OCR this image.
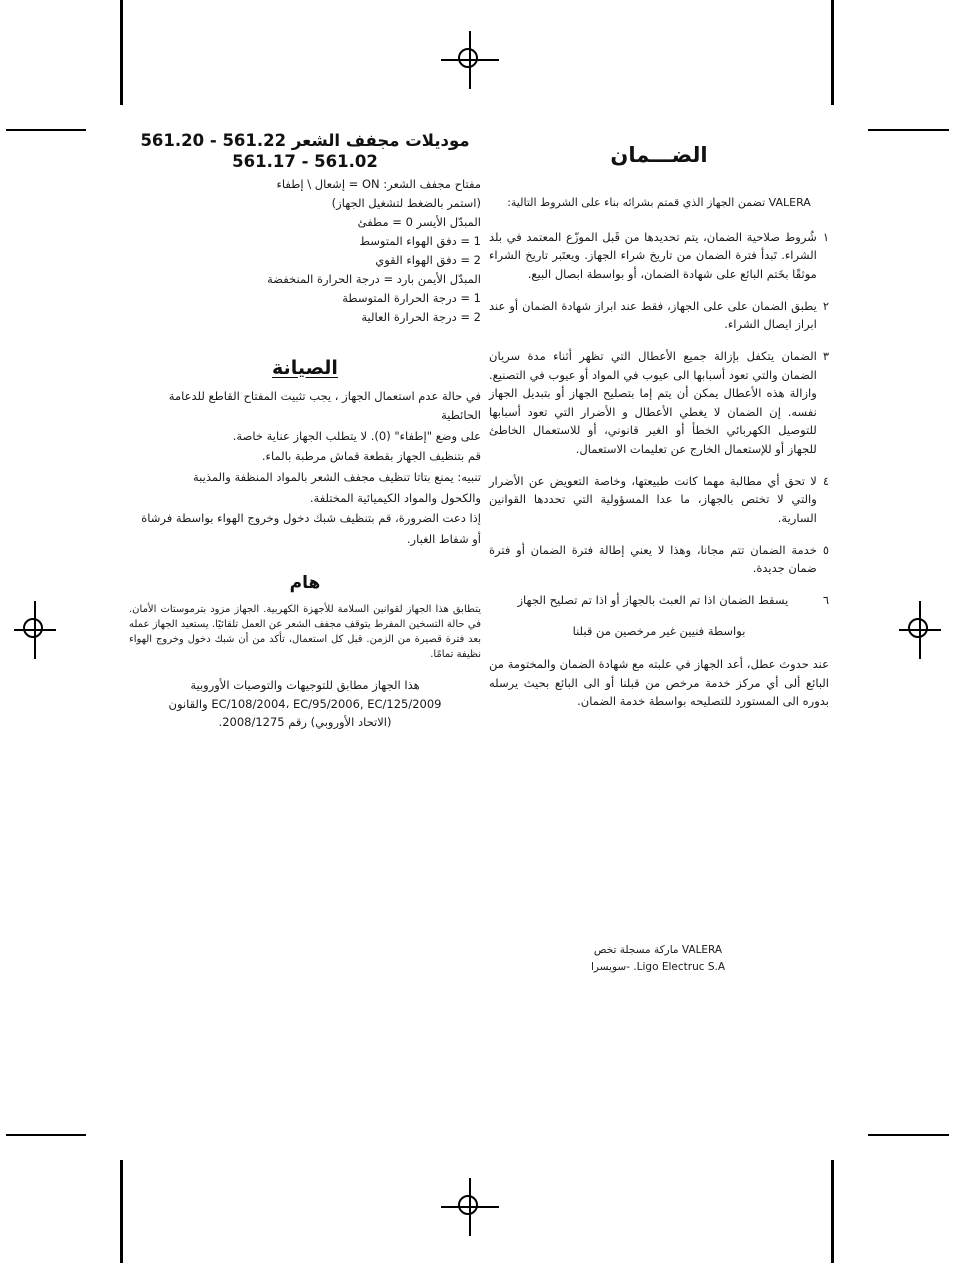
الضـــمان

VALERA تضمن الجهاز الذي قمتم بشرائه بناء على الشروط التالية:

١
شُروط صلاحية الضمان، يتم تحديدها من قَبل الموزّع المعتمد في بلد الشراء. تَبدأ فترة الضمان من تاريخ شراء الجهاز. ويعتَبر تاريخ الشراء موثقًا بخَتم البائع على شهادة الضمان، أو بواسطة ابصال البيع.
٢
يطبق الضمان على على الجهاز، فقط عند ابراز شهادة الضمان أو عند ابراز ايصال الشراء.
٣
الضمان يتكفل بإزالة جميع الأعطال التي تظهر أثناء مدة سريان الضمان والتي تعود أسبابها الى عيوب في المواد أو عيوب في التصنيع. وازالة هذه الأعطال يمكن أن يتم إما بتصليح الجهاز أو بتبديل الجهاز نفسه. إن الضمان لا يغطي الأعطال و الأضرار التي تعود أسبابها للتوصيل الكهربائي الخطأ أو الغير قانوني، أو للاستعمال الخاطئ للجهاز أو للإستعمال الخارج عن تعليمات الاستعمال.
٤
لا تحق أي مطالبة مهما كانت طبيعتها، وخاصة التعويض عن الأضرار والتي لا تختص بالجهاز، ما عدا المسؤولية التي تحددها القوانين السارية.
٥
خدمة الضمان تتم مجانا، وهذا لا يعني إطالة فترة الضمان أو فترة ضمان جديدة.
٦
يسقط الضمان اذا تم العبث بالجهاز أو اذا تم تصليح الجهاز

بواسطة فنيين غير مرخصين من قبلنا

عند حدوث عطل، أعد الجهاز في علبته مع شهادة الضمان والمختومة من البائع ألى أي مركز خدمة مرخص من قبلنا أو الى البائع بحيث يرسله بدوره الى المستورد للتصليحه بواسطة خدمة الضمان.

موديلات مجفف الشعر 561.22 - 561.20
561.02 - 561.17
مفتاح مجفف الشعر: ON = إشعال \ إطفاء
(استمر بالضغط لتشغيل الجهاز)
المبدّل الأيسر 0 = مطفئ
1 = دفق الهواء المتوسط
2 = دفق الهواء القوي
المبدّل الأيمن بارد = درجة الحرارة المنخفضة
1 = درجة الحرارة المتوسطة
2 = درجة الحرارة العالية
الصيانة

في حالة عدم استعمال الجهاز ، يجب تثبيت المفتاح القاطع للدعامة الحائطية

على وضع "إطفاء" (0). لا يتطلب الجهاز عناية خاصة.

قم بتنظيف الجهاز بقطعة قماش مرطبة بالماء.

تنبيه: يمنع بتاتا تنظيف مجفف الشعر بالمواد المنظفة والمذيبة

والكحول والمواد الكيميائية المختلفة.

إذا دعت الضرورة، قم بتنظيف شبك دخول وخروج الهواء بواسطة فرشاة

أو شفاط الغبار.

هام

يتطابق هذا الجهاز لقوانين السلامة للأجهزة الكهربية. الجهاز مزود بترموستات الأمان. في حالة التسخين المفرط يتوقف مجفف الشعر عن العمل تلقائيًا. يستعيد الجهاز عمله بعد فترة قصيرة من الزمن. قبل كل استعمال، تأكد من أن شبك دخول وخروج الهواء نظيفة تمامًا.

هذا الجهاز مطابق للتوجيهات والتوصيات الأوروبية
EC/108/2004، EC/95/2006, EC/125/2009 والقانون
(الاتحاد الأوروبي) رقم 2008/1275.
VALERA ماركة مسجلة تخص
Ligo Electruc S.A. -سويسرا
